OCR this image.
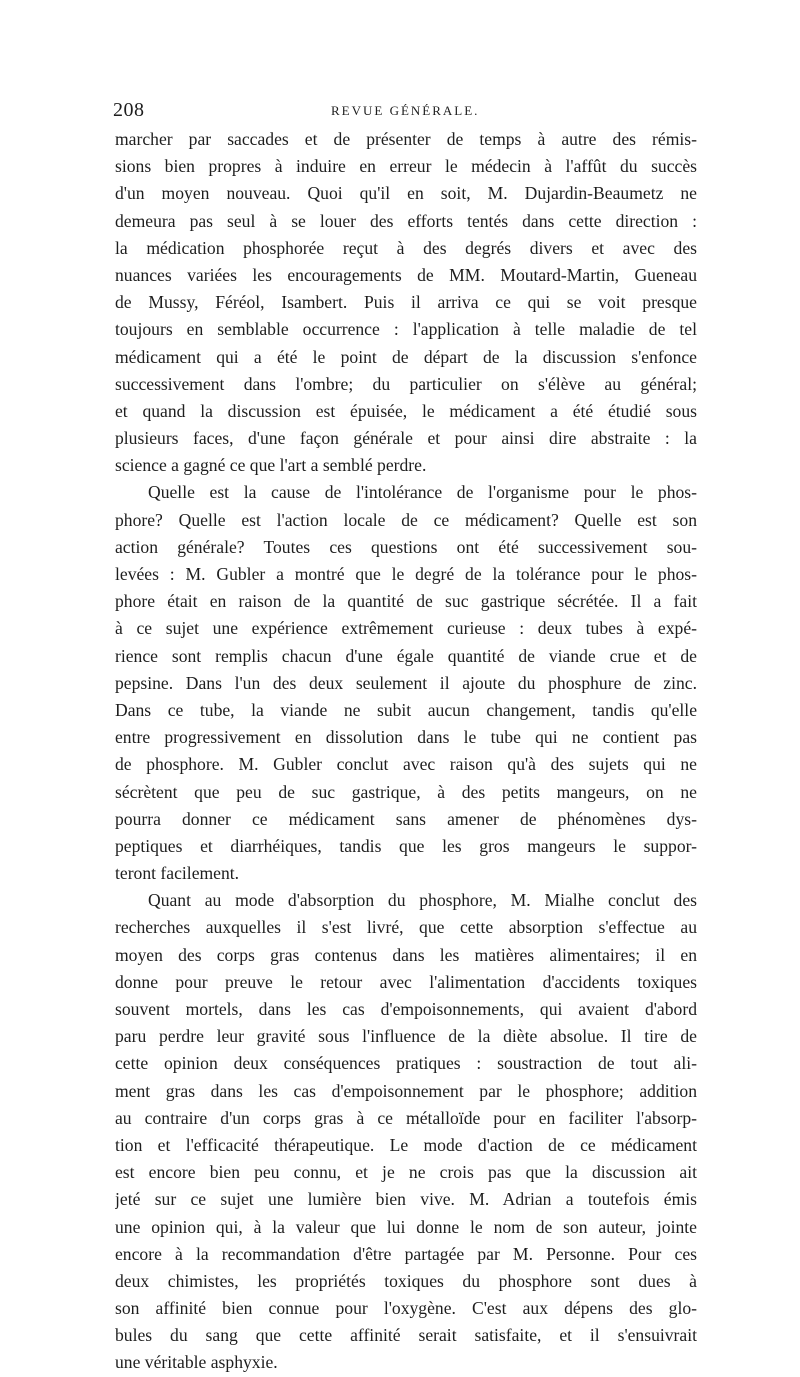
208	REVUE GÉNÉRALE.
marcher par saccades et de présenter de temps à autre des rémis-
sions bien propres à induire en erreur le médecin à l'affût du succès
d'un moyen nouveau. Quoi qu'il en soit, M. Dujardin-Beaumetz ne
demeura pas seul à se louer des efforts tentés dans cette direction :
la médication phosphorée reçut à des degrés divers et avec des
nuances variées les encouragements de MM. Moutard-Martin, Gueneau
de Mussy, Féréol, Isambert. Puis il arriva ce qui se voit presque
toujours en semblable occurrence : l'application à telle maladie de tel
médicament qui a été le point de départ de la discussion s'enfonce
successivement dans l'ombre; du particulier on s'élève au général;
et quand la discussion est épuisée, le médicament a été étudié sous
plusieurs faces, d'une façon générale et pour ainsi dire abstraite : la
science a gagné ce que l'art a semblé perdre.
Quelle est la cause de l'intolérance de l'organisme pour le phos-
phore? Quelle est l'action locale de ce médicament? Quelle est son
action générale? Toutes ces questions ont été successivement sou-
levées : M. Gubler a montré que le degré de la tolérance pour le phos-
phore était en raison de la quantité de suc gastrique sécrétée. Il a fait
à ce sujet une expérience extrêmement curieuse : deux tubes à expé-
rience sont remplis chacun d'une égale quantité de viande crue et de
pepsine. Dans l'un des deux seulement il ajoute du phosphure de zinc.
Dans ce tube, la viande ne subit aucun changement, tandis qu'elle
entre progressivement en dissolution dans le tube qui ne contient pas
de phosphore. M. Gubler conclut avec raison qu'à des sujets qui ne
sécrètent que peu de suc gastrique, à des petits mangeurs, on ne
pourra donner ce médicament sans amener de phénomènes dys-
peptiques et diarrhéiques, tandis que les gros mangeurs le suppor-
teront facilement.
Quant au mode d'absorption du phosphore, M. Mialhe conclut des
recherches auxquelles il s'est livré, que cette absorption s'effectue au
moyen des corps gras contenus dans les matières alimentaires; il en
donne pour preuve le retour avec l'alimentation d'accidents toxiques
souvent mortels, dans les cas d'empoisonnements, qui avaient d'abord
paru perdre leur gravité sous l'influence de la diète absolue. Il tire de
cette opinion deux conséquences pratiques : soustraction de tout ali-
ment gras dans les cas d'empoisonnement par le phosphore; addition
au contraire d'un corps gras à ce métalloïde pour en faciliter l'absorp-
tion et l'efficacité thérapeutique. Le mode d'action de ce médicament
est encore bien peu connu, et je ne crois pas que la discussion ait
jeté sur ce sujet une lumière bien vive. M. Adrian a toutefois émis
une opinion qui, à la valeur que lui donne le nom de son auteur, jointe
encore à la recommandation d'être partagée par M. Personne. Pour ces
deux chimistes, les propriétés toxiques du phosphore sont dues à
son affinité bien connue pour l'oxygène. C'est aux dépens des glo-
bules du sang que cette affinité serait satisfaite, et il s'ensuivrait
une véritable asphyxie.
